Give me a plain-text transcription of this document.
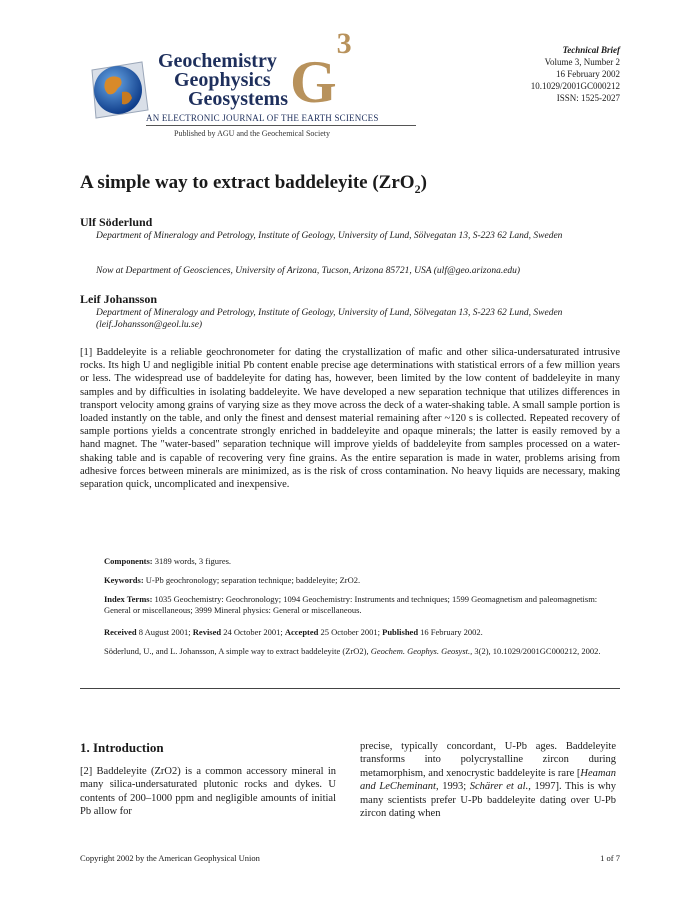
Geochemistry
Geophysics
Geosystems $G^3$
AN ELECTRONIC JOURNAL OF THE EARTH SCIENCES
Published by AGU and the Geochemical Society
Technical Brief
Volume 3, Number 2
16 February 2002
10.1029/2001GC000212
ISSN: 1525-2027
A simple way to extract baddeleyite (ZrO$_2$)
Ulf Söderlund
Department of Mineralogy and Petrology, Institute of Geology, University of Lund, Sölvegatan 13, S-223 62 Land, Sweden
Now at Department of Geosciences, University of Arizona, Tucson, Arizona 85721, USA (ulf@geo.arizona.edu)
Leif Johansson
Department of Mineralogy and Petrology, Institute of Geology, University of Lund, Sölvegatan 13, S-223 62 Lund, Sweden (leif.Johansson@geol.lu.se)
[1] Baddeleyite is a reliable geochronometer for dating the crystallization of mafic and other silica-undersaturated intrusive rocks. Its high U and negligible initial Pb content enable precise age determinations with statistical errors of a few million years or less. The widespread use of baddeleyite for dating has, however, been limited by the low content of baddeleyite in many samples and by difficulties in isolating baddeleyite. We have developed a new separation technique that utilizes differences in transport velocity among grains of varying size as they move across the deck of a water-shaking table. A small sample portion is loaded instantly on the table, and only the finest and densest material remaining after ~120 s is collected. Repeated recovery of sample portions yields a concentrate strongly enriched in baddeleyite and opaque minerals; the latter is easily removed by a hand magnet. The "water-based" separation technique will improve yields of baddeleyite from samples processed on a water-shaking table and is capable of recovering very fine grains. As the entire separation is made in water, problems arising from adhesive forces between minerals are minimized, as is the risk of cross contamination. No heavy liquids are necessary, making separation quick, uncomplicated and inexpensive.
Components: 3189 words, 3 figures.
Keywords: U-Pb geochronology; separation technique; baddeleyite; ZrO2.
Index Terms: 1035 Geochemistry: Geochronology; 1094 Geochemistry: Instruments and techniques; 1599 Geomagnetism and paleomagnetism: General or miscellaneous; 3999 Mineral physics: General or miscellaneous.
Received 8 August 2001; Revised 24 October 2001; Accepted 25 October 2001; Published 16 February 2002.
Söderlund, U., and L. Johansson, A simple way to extract baddeleyite (ZrO2), Geochem. Geophys. Geosyst., 3(2), 10.1029/2001GC000212, 2002.
1. Introduction
[2] Baddeleyite (ZrO2) is a common accessory mineral in many silica-undersaturated plutonic rocks and dykes. U contents of 200–1000 ppm and negligible amounts of initial Pb allow for
precise, typically concordant, U-Pb ages. Baddeleyite transforms into polycrystalline zircon during metamorphism, and xenocrystic baddeleyite is rare [Heaman and LeCheminant, 1993; Schärer et al., 1997]. This is why many scientists prefer U-Pb baddeleyite dating over U-Pb zircon dating when
Copyright 2002 by the American Geophysical Union	1 of 7
